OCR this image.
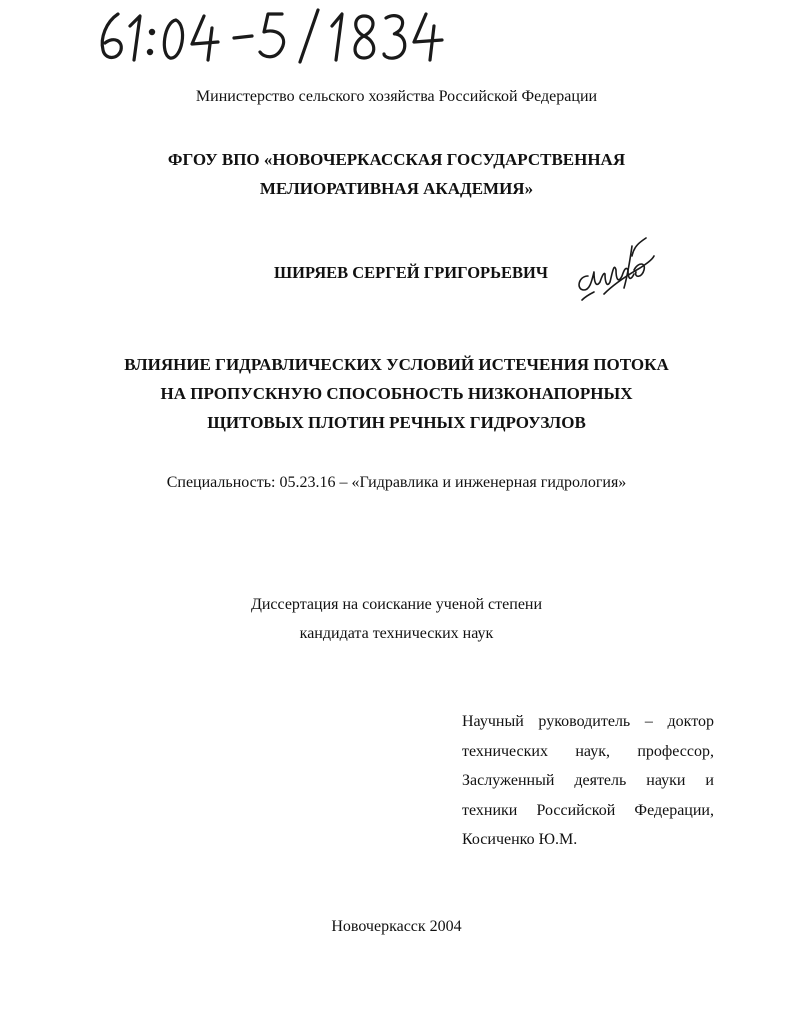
Министерство сельского хозяйства Российской Федерации
ФГОУ ВПО «НОВОЧЕРКАССКАЯ ГОСУДАРСТВЕННАЯ
МЕЛИОРАТИВНАЯ АКАДЕМИЯ»
ШИРЯЕВ СЕРГЕЙ ГРИГОРЬЕВИЧ
ВЛИЯНИЕ ГИДРАВЛИЧЕСКИХ УСЛОВИЙ ИСТЕЧЕНИЯ ПОТОКА
НА ПРОПУСКНУЮ СПОСОБНОСТЬ НИЗКОНАПОРНЫХ
ЩИТОВЫХ ПЛОТИН РЕЧНЫХ ГИДРОУЗЛОВ
Специальность: 05.23.16 – «Гидравлика и инженерная гидрология»
Диссертация на соискание ученой степени
кандидата технических наук
Научный руководитель – доктор
технических наук, профессор,
Заслуженный деятель науки и
техники Российской Федерации,
Косиченко Ю.М.
Новочеркасск 2004
